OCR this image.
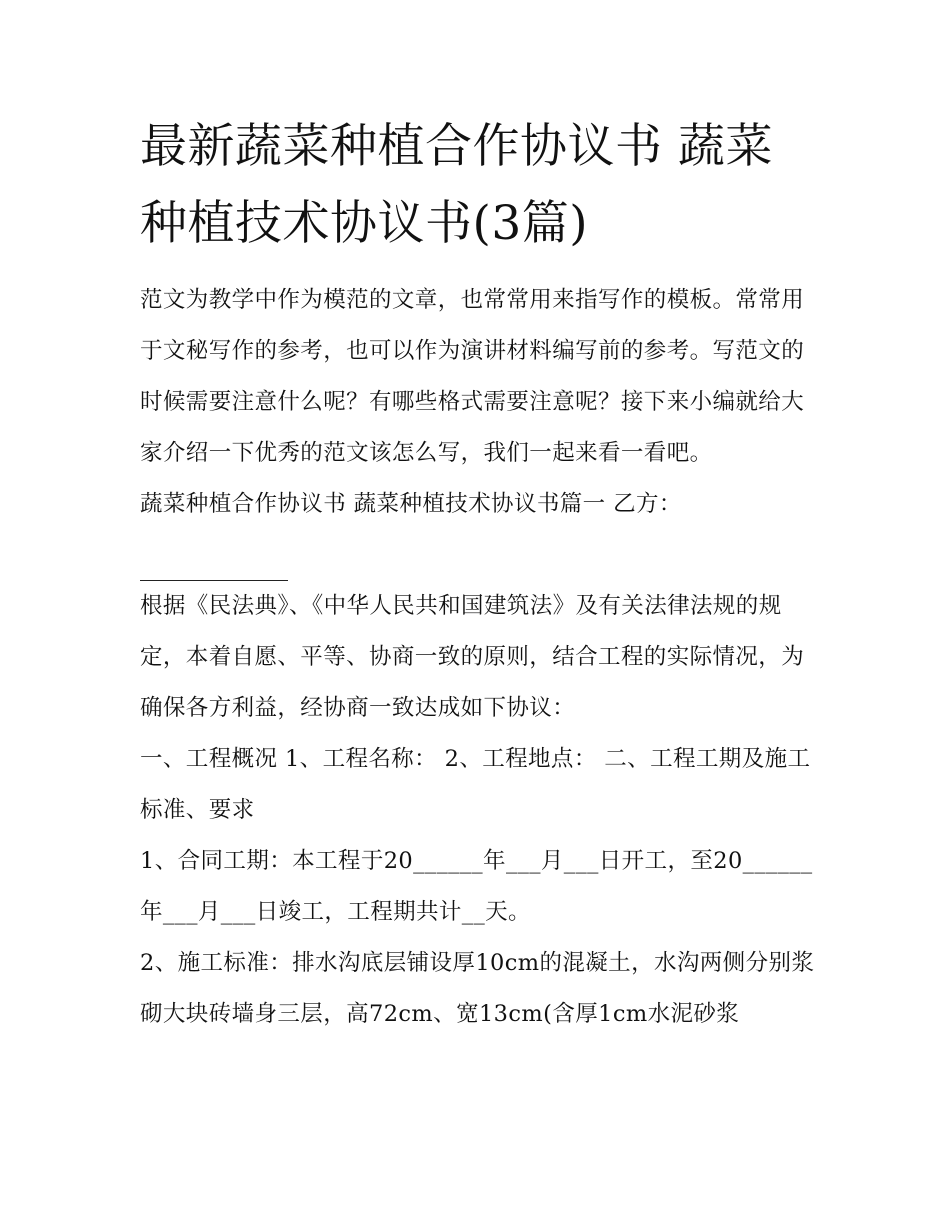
最新蔬菜种植合作协议书 蔬菜种植技术协议书(3篇)

范文为教学中作为模范的文章，也常常用来指写作的模板。常常用于文秘写作的参考，也可以作为演讲材料编写前的参考。写范文的时候需要注意什么呢？有哪些格式需要注意呢？接下来小编就给大家介绍一下优秀的范文该怎么写，我们一起来看一看吧。

蔬菜种植合作协议书 蔬菜种植技术协议书篇一 乙方：

根据《民法典》、《中华人民共和国建筑法》及有关法律法规的规定，本着自愿、平等、协商一致的原则，结合工程的实际情况，为确保各方利益，经协商一致达成如下协议：

一、工程概况 1、工程名称： 2、工程地点： 二、工程工期及施工标准、要求

1、合同工期：本工程于20______年___月___日开工，至20______年___月___日竣工，工程期共计__天。

2、施工标准：排水沟底层铺设厚10cm的混凝土，水沟两侧分别浆砌大块砖墙身三层，高72cm、宽13cm(含厚1cm水泥砂浆
